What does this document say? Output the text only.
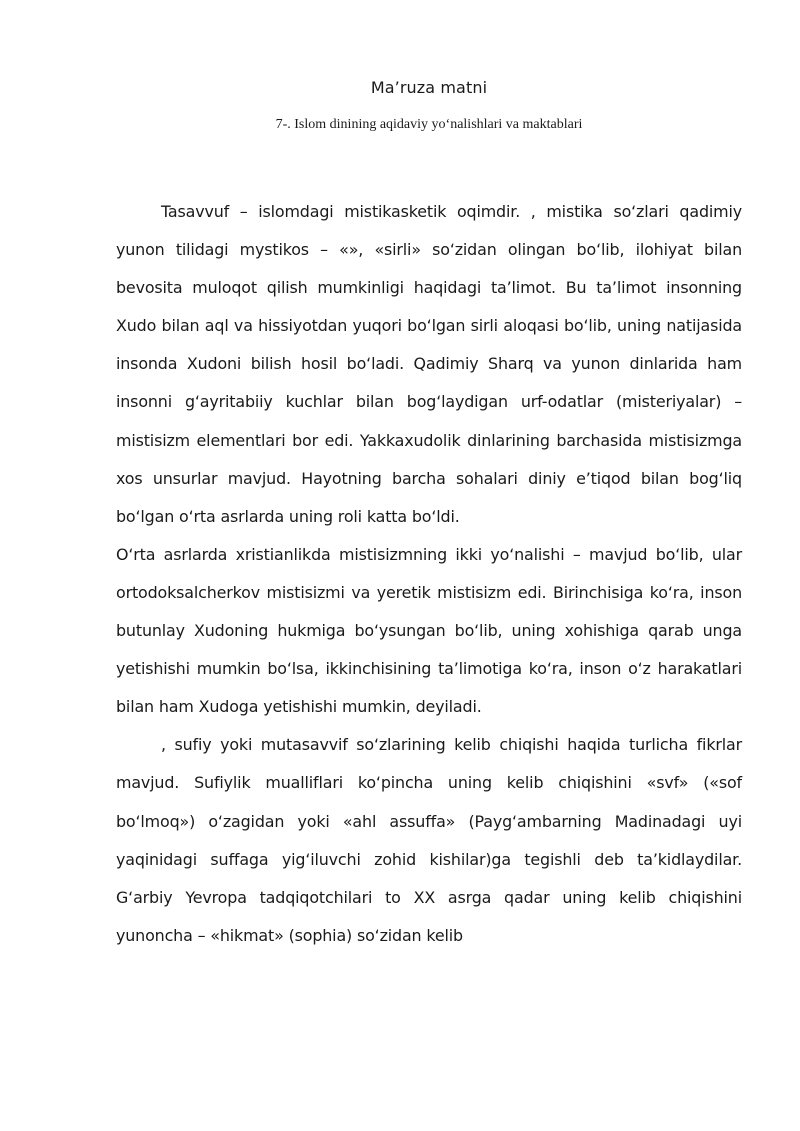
Ma’ruza matni
7-. Islom dinining aqidaviy yo‘nalishlari va maktablari

Tasavvuf – islomdagi mistikasketik oqimdir. , mistika so‘zlari qadimiy yunon tilidagi mystikos – «», «sirli» so‘zidan olingan bo‘lib, ilohiyat bilan bevosita muloqot qilish mumkinligi haqidagi ta’limot. Bu ta’limot insonning Xudo bilan aql va hissiyotdan yuqori bo‘lgan sirli aloqasi bo‘lib, uning natijasida insonda Xudoni bilish hosil bo‘ladi. Qadimiy Sharq va yunon dinlarida ham insonni g‘ayritabiiy kuchlar bilan bog‘laydigan urf-odatlar (misteriyalar) – mistisizm elementlari bor edi. Yakkaxudolik dinlarining barchasida mistisizmga xos unsurlar mavjud. Hayotning barcha sohalari diniy e’tiqod bilan bog‘liq bo‘lgan o‘rta asrlarda uning roli katta bo‘ldi.

O‘rta asrlarda xristianlikda mistisizmning ikki yo‘nalishi – mavjud bo‘lib, ular ortodoksalcherkov mistisizmi va yeretik mistisizm edi. Birinchisiga ko‘ra, inson butunlay Xudoning hukmiga bo‘ysungan bo‘lib, uning xohishiga qarab unga yetishishi mumkin bo‘lsa, ikkinchisining ta’limotiga ko‘ra, inson o‘z harakatlari bilan ham Xudoga yetishishi mumkin, deyiladi.

, sufiy yoki mutasavvif so‘zlarining kelib chiqishi haqida turlicha fikrlar mavjud. Sufiylik mualliflari ko‘pincha uning kelib chiqishini «svf» («sof bo‘lmoq») o‘zagidan yoki «ahl assuffa» (Payg‘ambarning Madinadagi uyi yaqinidagi suffaga yig‘iluvchi zohid kishilar)ga tegishli deb ta’kidlaydilar. G‘arbiy Yevropa tadqiqotchilari to XX asrga qadar uning kelib chiqishini yunoncha – «hikmat» (sophia) so‘zidan kelib
